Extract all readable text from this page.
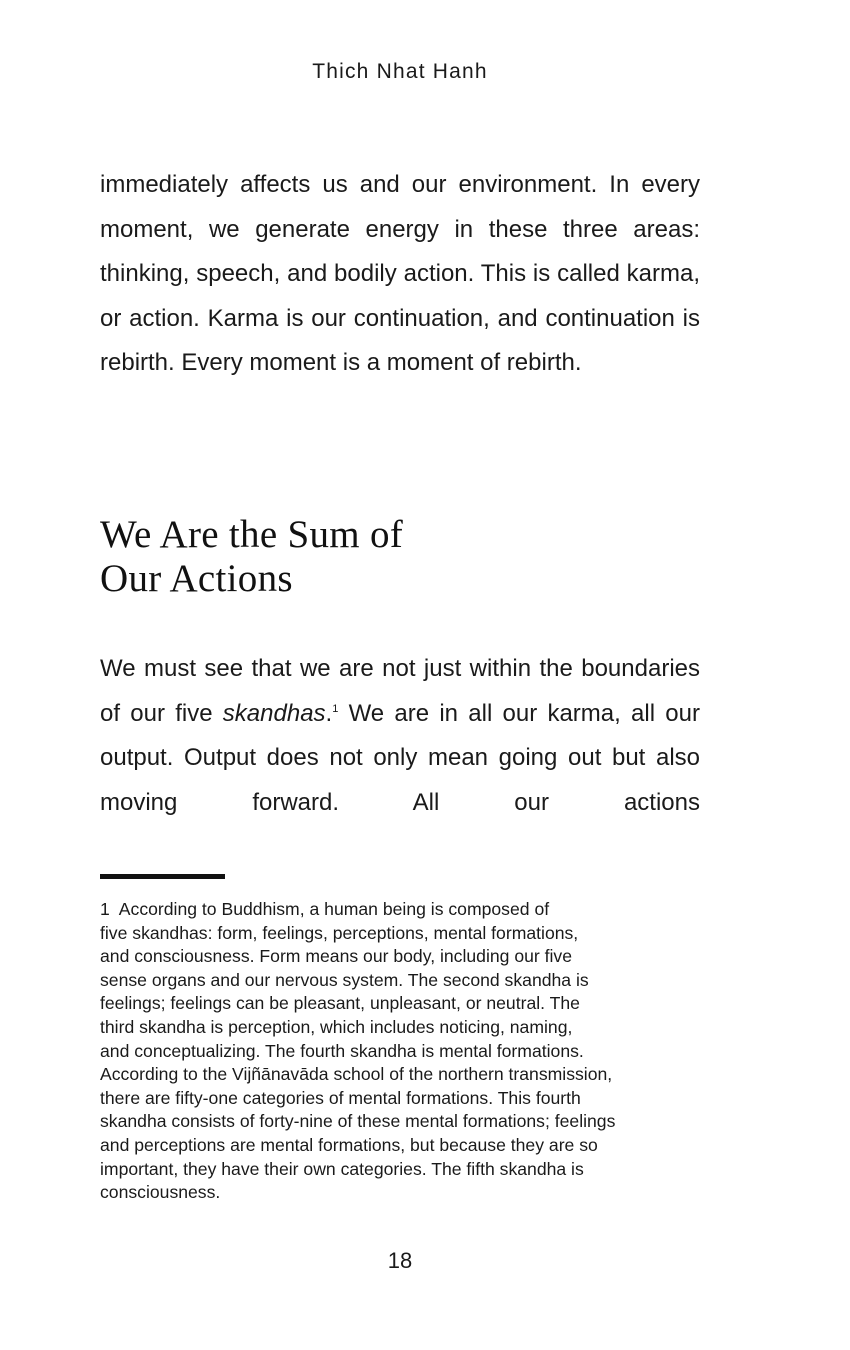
Thich Nhat Hanh

immediately affects us and our environment. In every moment, we generate energy in these three areas: thinking, speech, and bodily action. This is called karma, or action. Karma is our continuation, and continuation is rebirth. Every moment is a moment of rebirth.

We Are the Sum of
Our Actions

We must see that we are not just within the boundaries of our five skandhas.$^1$ We are in all our karma, all our output. Output does not only mean going out but also moving forward. All our actions

1 According to Buddhism, a human being is composed of
five skandhas: form, feelings, perceptions, mental formations,
and consciousness. Form means our body, including our five
sense organs and our nervous system. The second skandha is
feelings; feelings can be pleasant, unpleasant, or neutral. The
third skandha is perception, which includes noticing, naming,
and conceptualizing. The fourth skandha is mental formations.
According to the Vijñānavāda school of the northern transmission,
there are fifty-one categories of mental formations. This fourth
skandha consists of forty-nine of these mental formations; feelings
and perceptions are mental formations, but because they are so
important, they have their own categories. The fifth skandha is
consciousness.
18
